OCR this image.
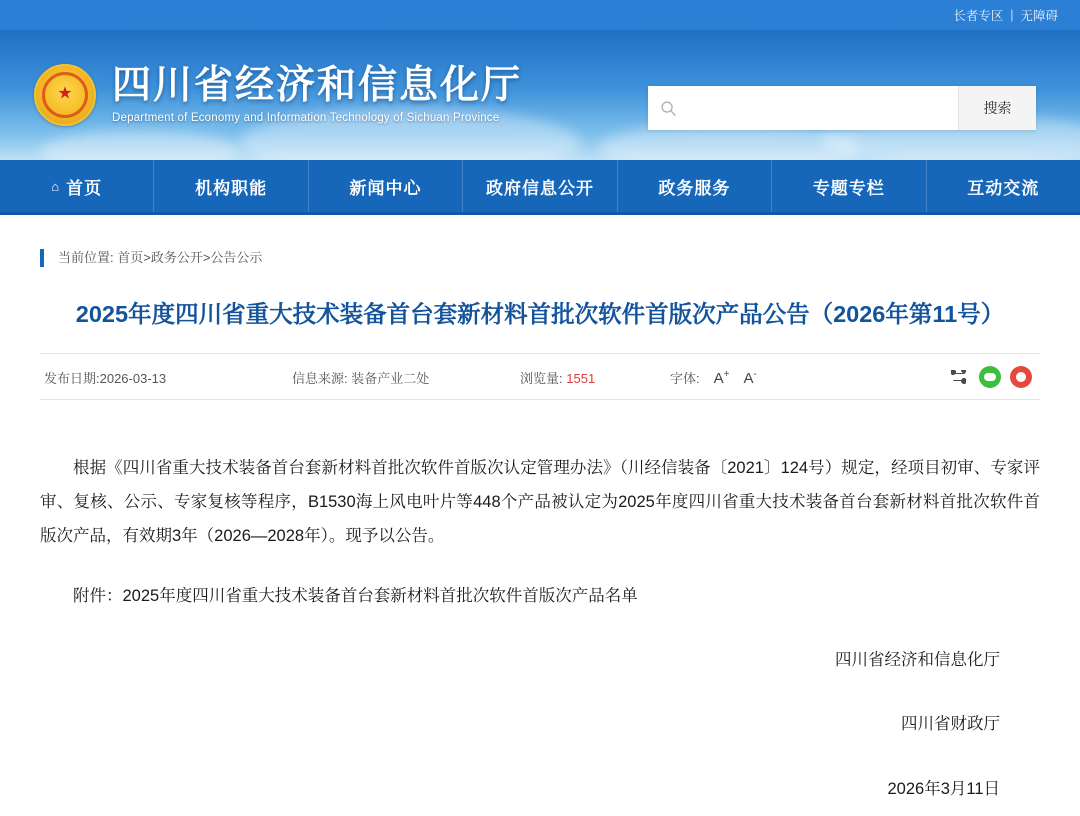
长者专区 | 无障碍
★ 四川省经济和信息化厅
Department of Economy and Information Technology of Sichuan Province
搜索
⌂ 首页	机构职能	新闻中心	政府信息公开	政务服务	专题专栏	互动交流
当前位置: 首页>政务公开>公告公示
2025年度四川省重大技术装备首台套新材料首批次软件首版次产品公告（2026年第11号）
发布日期:2026-03-13	信息来源: 装备产业二处	浏览量: 1551	字体: A+ A-

根据《四川省重大技术装备首台套新材料首批次软件首版次认定管理办法》（川经信装备〔2021〕124号）规定，经项目初审、专家评审、复核、公示、专家复核等程序，B1530海上风电叶片等448个产品被认定为2025年度四川省重大技术装备首台套新材料首批次软件首版次产品，有效期3年（2026—2028年）。现予以公告。

附件：2025年度四川省重大技术装备首台套新材料首批次软件首版次产品名单
四川省经济和信息化厅
四川省财政厅
2026年3月11日
